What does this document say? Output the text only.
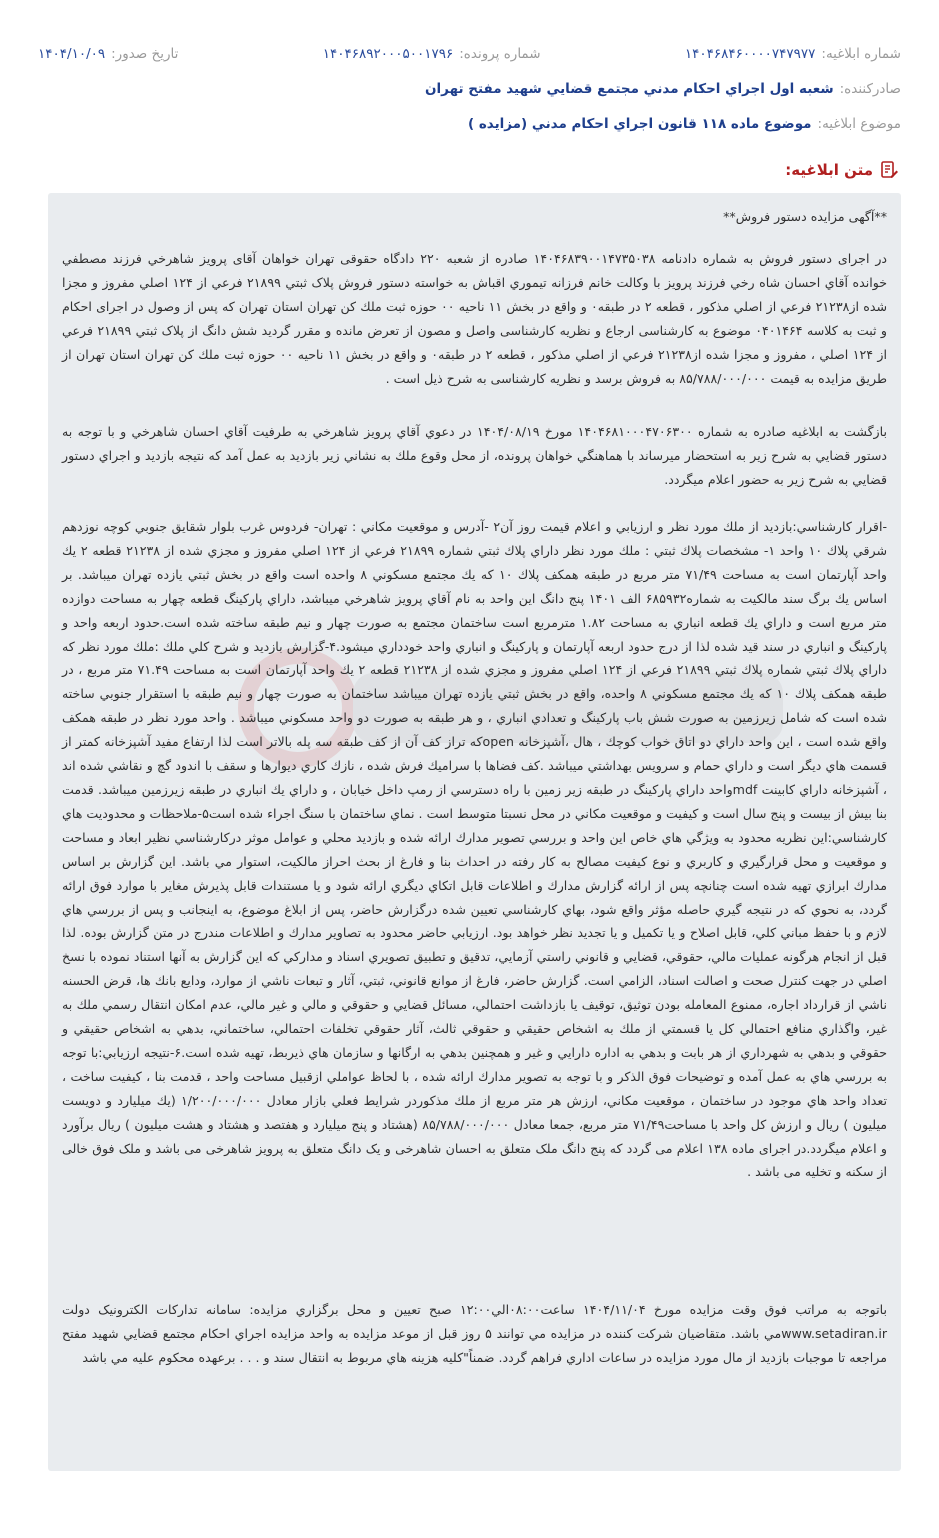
شماره ابلاغيه:
۱۴۰۴۶۸۴۶۰۰۰۰۷۴۷۹۷۷
شماره پرونده:
۱۴۰۴۶۸۹۲۰۰۰۵۰۰۱۷۹۶
تاريخ صدور:
۱۴۰۴/۱۰/۰۹
صادرکننده:
شعبه اول اجراي احکام مدني مجتمع قضايي شهيد مفتح تهران
موضوع ابلاغيه:
موضوع ماده ۱۱۸ قانون اجراي احکام مدني (مزايده )
متن ابلاغيه:

**آگهی مزایده دستور فروش**

در اجرای دستور فروش به شماره دادنامه ۱۴۰۴۶۸۳۹۰۰۱۴۷۳۵۰۳۸ صادره از شعبه ۲۲۰ دادگاه حقوقی تهران خواهان آقای پرويز شاهرخي فرزند مصطفي خوانده آقاي احسان شاه رخي فرزند پرويز با وکالت خانم فرزانه تيموري اقباش به خواسته دستور فروش پلاک ثبتي ۲۱۸۹۹ فرعي از ۱۲۴ اصلي مفروز و مجزا شده از۲۱۲۳۸ فرعي از اصلي مذکور ، قطعه ۲ در طبقه۰ و واقع در بخش ۱۱ ناحيه ۰۰ حوزه ثبت ملك كن تهران استان تهران که پس از وصول در اجرای احکام و ثبت به کلاسه ۰۴۰۱۴۶۴ موضوع به کارشناسی ارجاع و نظریه کارشناسی واصل و مصون از تعرض مانده و مقرر گردید شش دانگ از پلاک ثبتي ۲۱۸۹۹ فرعي از ۱۲۴ اصلي ، مفروز و مجزا شده از۲۱۲۳۸ فرعي از اصلي مذکور ، قطعه ۲ در طبقه۰ و واقع در بخش ۱۱ ناحيه ۰۰ حوزه ثبت ملك كن تهران استان تهران از طریق مزایده به قیمت ۸۵/۷۸۸/۰۰۰/۰۰۰ به فروش برسد و نظریه کارشناسی به شرح ذیل است .

بازگشت به ابلاغيه صادره به شماره ۱۴۰۴۶۸۱۰۰۰۴۷۰۶۳۰۰ مورخ ۱۴۰۴/۰۸/۱۹ در دعوي آقاي پرويز شاهرخي به طرفيت آقاي احسان شاهرخي و با توجه به دستور قضايي به شرح زير به استحضار ميرساند با هماهنگي خواهان پرونده، از محل وقوع ملك به نشاني زير بازديد به عمل آمد كه نتيجه بازديد و اجراي دستور قضايي به شرح زير به حضور اعلام ميگردد.

-اقرار كارشناسي:بازديد از ملك مورد نظر و ارزيابي و اعلام قيمت روز آن۲ -آدرس و موقعيت مكاني : تهران- فردوس غرب بلوار شقايق جنوبي كوچه نوزدهم شرقي پلاك ۱۰ واحد ۱- مشخصات پلاك ثبتي : ملك مورد نظر داراي پلاك ثبتي شماره ۲۱۸۹۹ فرعي از ۱۲۴ اصلي مفروز و مجزي شده از ۲۱۲۳۸ قطعه ۲ يك واحد آپارتمان است به مساحت ۷۱/۴۹ متر مربع در طبقه همكف پلاك ۱۰ كه يك مجتمع مسكوني ۸ واحده است واقع در بخش ثبتي يازده تهران ميباشد. بر اساس يك برگ سند مالكيت به شماره۶۸۵۹۳۲ الف ۱۴۰۱ پنج دانگ اين واحد به نام آقاي پرويز شاهرخي ميباشد، داراي پاركينگ قطعه چهار به مساحت دوازده متر مربع است و داراي يك قطعه انباري به مساحت ۱.۸۲ مترمربع است ساختمان مجتمع به صورت چهار و نيم طبقه ساخته شده است.حدود اربعه واحد و پاركينگ و انباري در سند قيد شده لذا از درج حدود اربعه آپارتمان و پاركينگ و انباري واحد خودداري ميشود.۴-گزارش بازديد و شرح كلي ملك :ملك مورد نظر كه داراي پلاك ثبتي شماره پلاك ثبتي ۲۱۸۹۹ فرعي از ۱۲۴ اصلي مفروز و مجزي شده از ۲۱۲۳۸ قطعه ۲ يك واحد آپارتمان است به مساحت ۷۱.۴۹ متر مربع ، در طبقه همكف پلاك ۱۰ كه يك مجتمع مسكوني ۸ واحده، واقع در بخش ثبتي يازده تهران ميباشد ساختمان به صورت چهار و نيم طبقه با استقرار جنوبي ساخته شده است كه شامل زيرزمين به صورت شش باب پاركينگ و تعدادي انباري ، و هر طبقه به صورت دو واحد مسكوني ميباشد . واحد مورد نظر در طبقه همكف واقع شده است ، اين واحد داراي دو اتاق خواب كوچك ، هال ،آشپزخانه openكه تراز كف آن از كف طبقه سه پله بالاتر است لذا ارتفاع مفيد آشپزخانه كمتر از قسمت هاي ديگر است و داراي حمام و سرويس بهداشتي ميباشد .كف فضاها با سراميك فرش شده ، نازك كاري ديوارها و سقف با اندود گچ و نقاشي شده اند ، آشپزخانه داراي كابينت mdfواحد داراي پاركينگ در طبقه زير زمين با راه دسترسي از رمپ داخل خيابان ، و داراي يك انباري در طبقه زيرزمين ميباشد. قدمت بنا بيش از بيست و پنج سال است و كيفيت و موقعيت مكاني در محل نسبتا متوسط است . نماي ساختمان با سنگ اجراء شده است۵-ملاحظات و محدوديت هاي كارشناسي:اين نظريه محدود به ويژگي هاي خاص اين واحد و بررسي تصوير مدارك ارائه شده و بازديد محلي و عوامل موثر دركارشناسي نظير ابعاد و مساحت و موقعيت و محل قرارگيري و كاربري و نوع كيفيت مصالح به كار رفته در احداث بنا و فارغ از بحث احراز مالكيت، استوار مي باشد. اين گزارش بر اساس مدارك ابرازي تهيه شده است چنانچه پس از ارائه گزارش مدارك و اطلاعات قابل اتكاي ديگري ارائه شود و يا مستندات قابل پذيرش مغاير با موارد فوق ارائه گردد، به نحوي كه در نتيجه گيري حاصله مؤثر واقع شود، بهاي كارشناسي تعيين شده درگزارش حاضر، پس از ابلاغ موضوع، به اينجانب و پس از بررسي هاي لازم و با حفظ مباني كلي، قابل اصلاح و يا تكميل و يا تجديد نظر خواهد بود. ارزيابي حاضر محدود به تصاوير مدارك و اطلاعات مندرج در متن گزارش بوده. لذا قبل از انجام هرگونه عمليات مالي، حقوقي، قضايي و قانوني راستي آزمايي، تدقيق و تطبيق تصويري اسناد و مداركي كه اين گزارش به آنها استناد نموده با نسخ اصلي در جهت كنترل صحت و اصالت اسناد، الزامي است. گزارش حاضر، فارغ از موانع قانوني، ثبتي، آثار و تبعات ناشي از موارد، ودايع بانك ها، قرض الحسنه ناشي از قرارداد اجاره، ممنوع المعامله بودن توثيق، توقيف يا بازداشت احتمالي، مسائل قضايي و حقوقي و مالي و غير مالي، عدم امكان انتقال رسمي ملك به غير، واگذاري منافع احتمالي كل يا قسمتي از ملك به اشخاص حقيقي و حقوقي ثالث، آثار حقوقي تخلفات احتمالي، ساختماني، بدهي به اشخاص حقيقي و حقوقي و بدهي به شهرداري از هر بابت و بدهي به اداره دارايي و غير و همچنين بدهي به ارگانها و سازمان هاي ذيربط، تهيه شده است.۶-نتيجه ارزيابي:با توجه به بررسي هاي به عمل آمده و توضيحات فوق الذكر و با توجه به تصوير مدارك ارائه شده ، با لحاظ عواملي ازقبيل مساحت واحد ، قدمت بنا ، كيفيت ساخت ، تعداد واحد هاي موجود در ساختمان ، موقعيت مكاني، ارزش هر متر مربع از ملك مذكوردر شرايط فعلي بازار معادل ۱/۲۰۰/۰۰۰/۰۰۰ (يك ميليارد و دويست ميليون ) ريال و ارزش كل واحد با مساحت۷۱/۴۹ متر مربع، جمعا معادل ۸۵/۷۸۸/۰۰۰/۰۰۰ (هشتاد و پنج ميليارد و هفتصد و هشتاد و هشت ميليون ) ريال برآورد و اعلام ميگردد.در اجرای ماده ۱۳۸ اعلام می گردد که پنج دانگ ملک متعلق به احسان شاهرخی و یک دانگ متعلق به پرویز شاهرخی می باشد و ملک فوق خالی از سکنه و تخلیه می باشد .

باتوجه به مراتب فوق وقت مزايده مورخ ۱۴۰۴/۱۱/۰۴ ساعت۰۸:۰۰الي۱۲:۰۰ صبح تعيين و محل برگزاري مزايده: سامانه تدارکات الکترونيک دولت www.setadiran.irمي باشد. متقاضيان شرکت کننده در مزايده مي توانند ۵ روز قبل از موعد مزايده به واحد مزايده اجراي احکام مجتمع قضايي شهيد مفتح مراجعه تا موجبات بازديد از مال مورد مزايده در ساعات اداري فراهم گردد. ضمناً"کليه هزينه هاي مربوط به انتقال سند و . . . برعهده محکوم عليه مي باشد
